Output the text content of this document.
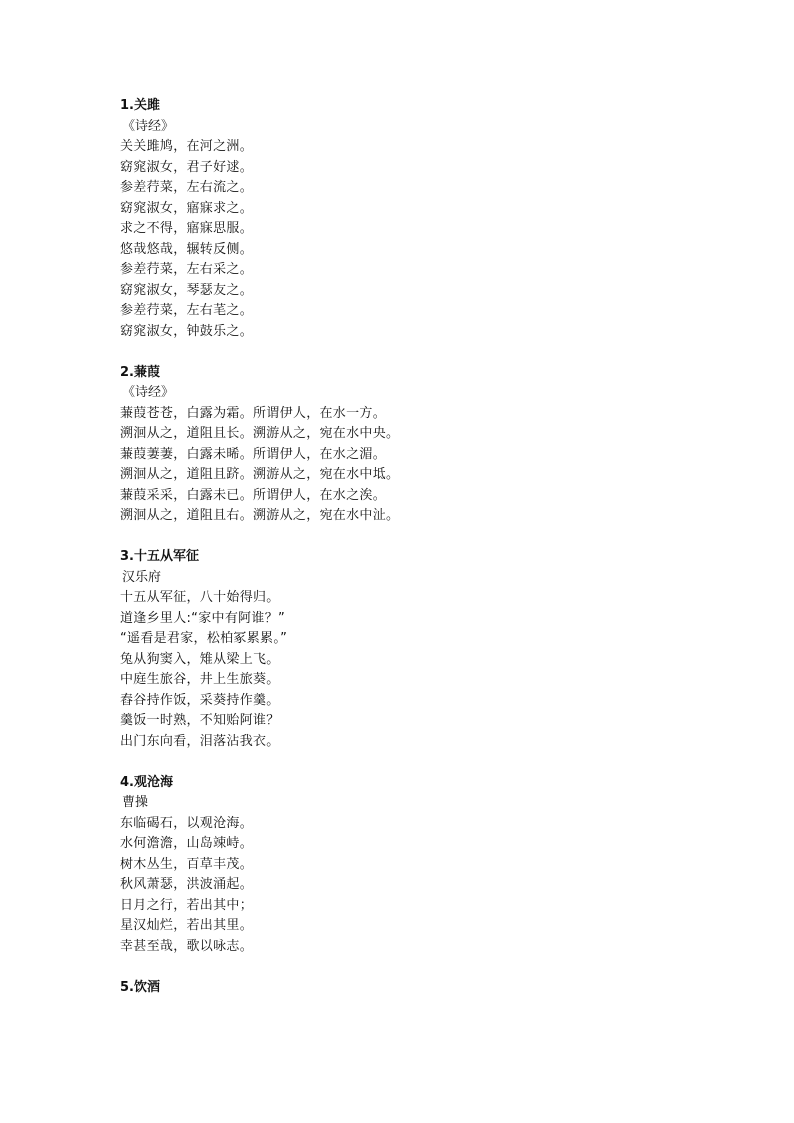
1.关雎
《诗经》
关关雎鸠，在河之洲。
窈窕淑女，君子好逑。
参差荇菜，左右流之。
窈窕淑女，寤寐求之。
求之不得，寤寐思服。
悠哉悠哉，辗转反侧。
参差荇菜，左右采之。
窈窕淑女，琴瑟友之。
参差荇菜，左右芼之。
窈窕淑女，钟鼓乐之。
2.蒹葭
《诗经》
蒹葭苍苍，白露为霜。所谓伊人，在水一方。
溯洄从之，道阻且长。溯游从之，宛在水中央。
蒹葭萋萋，白露未晞。所谓伊人，在水之湄。
溯洄从之，道阻且跻。溯游从之，宛在水中坻。
蒹葭采采，白露未已。所谓伊人，在水之涘。
溯洄从之，道阻且右。溯游从之，宛在水中沚。
3.十五从军征
汉乐府
十五从军征，八十始得归。
道逢乡里人:“家中有阿谁？”
“遥看是君家，松柏冢累累。”
兔从狗窦入，雉从梁上飞。
中庭生旅谷，井上生旅葵。
舂谷持作饭，采葵持作羹。
羹饭一时熟，不知贻阿谁？
出门东向看，泪落沾我衣。
4.观沧海
曹操
东临碣石，以观沧海。
水何澹澹，山岛竦峙。
树木丛生，百草丰茂。
秋风萧瑟，洪波涌起。
日月之行，若出其中；
星汉灿烂，若出其里。
幸甚至哉，歌以咏志。
5.饮酒
